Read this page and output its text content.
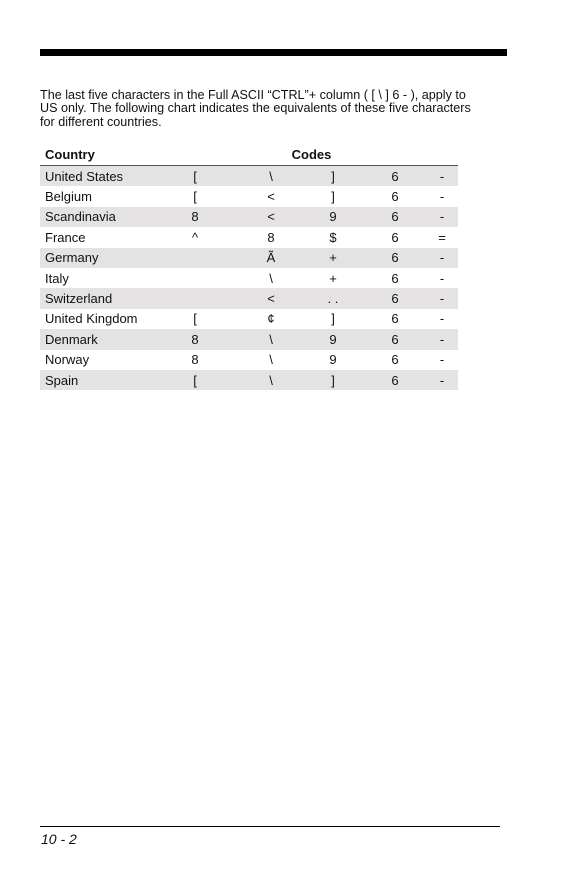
The last five characters in the Full ASCII “CTRL”+ column ( [ \ ] 6 - ), apply to
US only. The following chart indicates the equivalents of these five characters
for different countries.

Country	Codes				
United States	[	\	]	6	-
Belgium	[	<	]	6	-
Scandinavia	8	<	9	6	-
France	^	8	$	6	=
Germany		Ã	+	6	-
Italy		\	+	6	-
Switzerland		<	. .	6	-
United Kingdom	[	¢	]	6	-
Denmark	8	\	9	6	-
Norway	8	\	9	6	-
Spain	[	\	]	6	-
10 - 2
